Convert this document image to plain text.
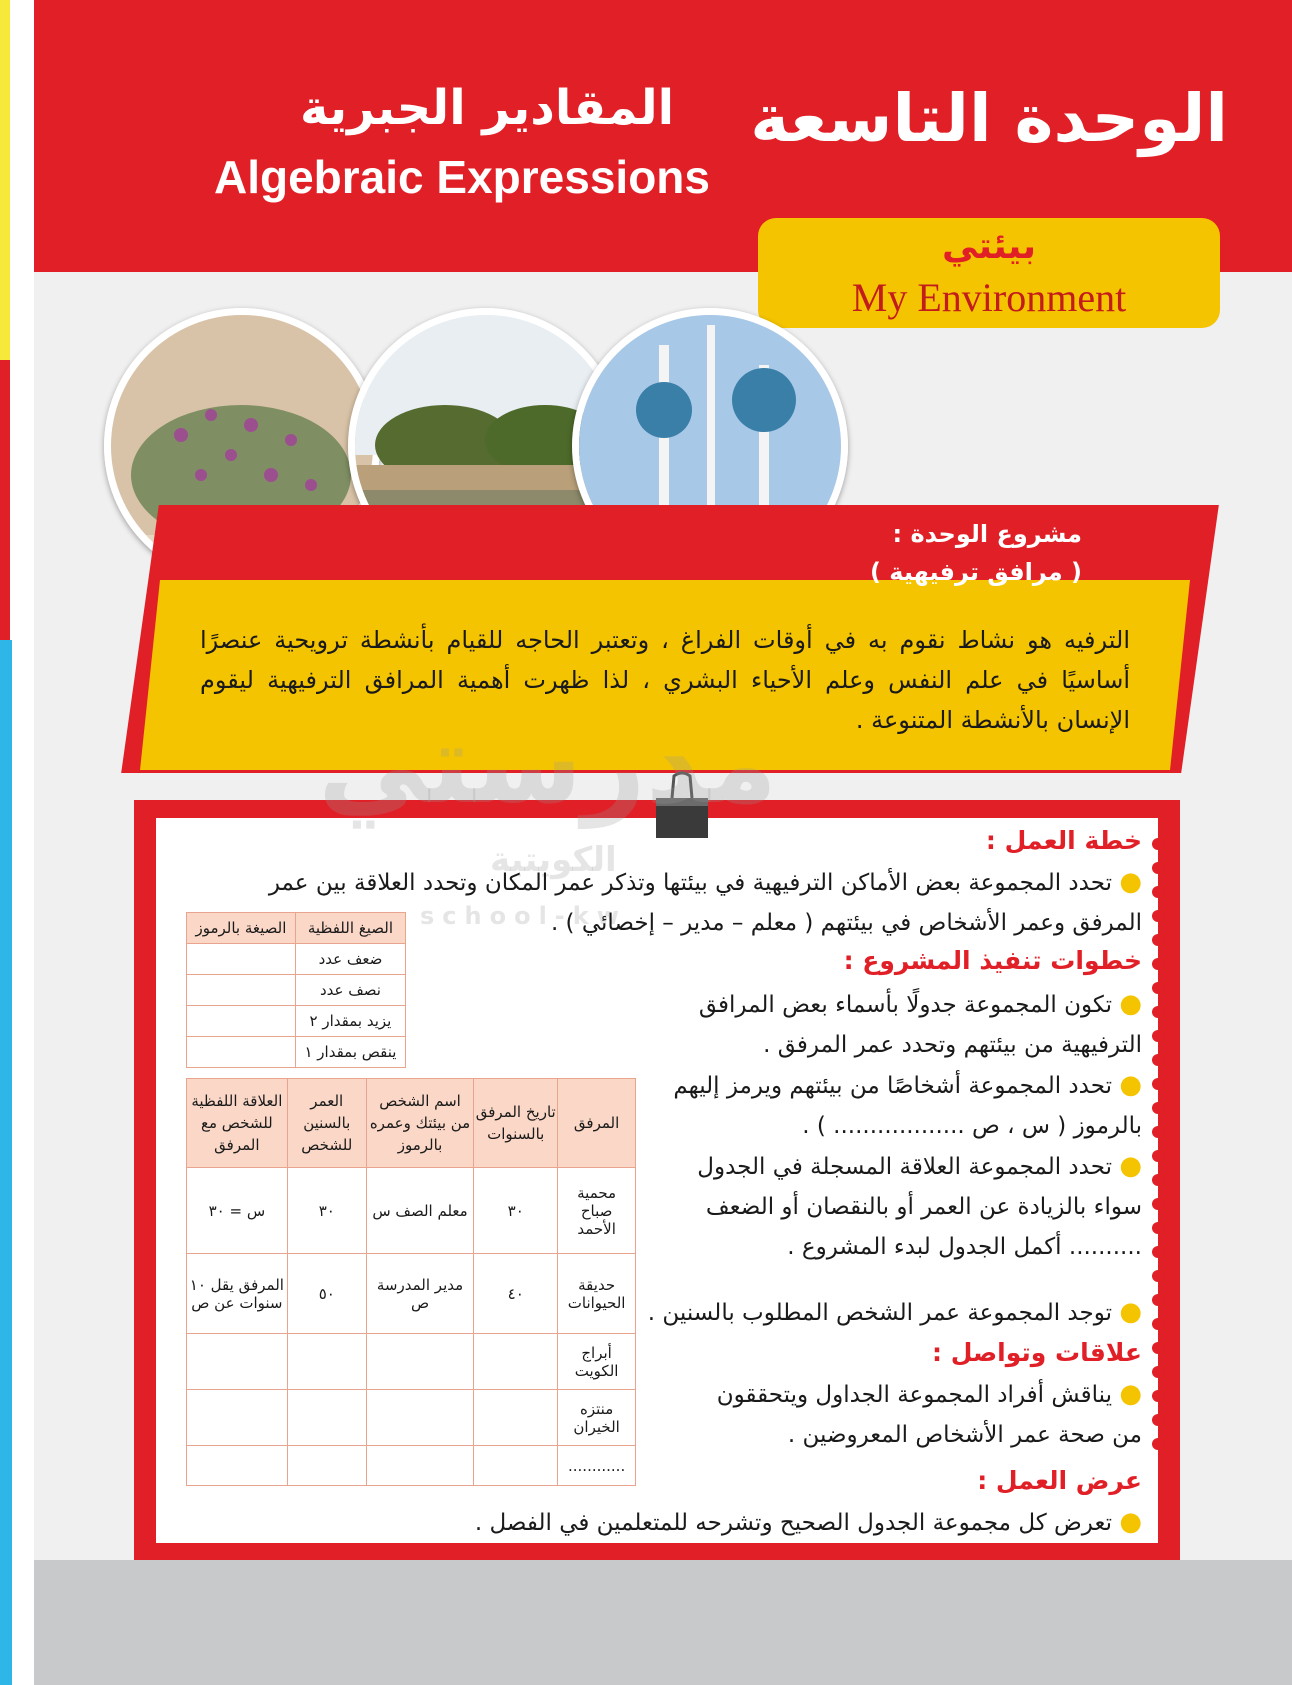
الوحدة التاسعة
المقادير الجبرية
Algebraic Expressions
بيئتي
My Environment
مشروع الوحدة :
( مرافق ترفيهية )
الترفيه هو نشاط نقوم به في أوقات الفراغ ، وتعتبر الحاجه للقيام بأنشطة ترويحية عنصرًا أساسيًا في علم النفس وعلم الأحياء البشري ، لذا ظهرت أهمية المرافق الترفيهية ليقوم الإنسان بالأنشطة المتنوعة .
مدرستي
الكويتية
school-kw
خطة العمل :
● تحدد المجموعة بعض الأماكن الترفيهية في بيئتها وتذكر عمر المكان وتحدد العلاقة بين عمر المرفق وعمر الأشخاص في بيئتهم ( معلم – مدير – إخصائي ) .
خطوات تنفيذ المشروع :
● تكون المجموعة جدولًا بأسماء بعض المرافق الترفيهية من بيئتهم وتحدد عمر المرفق .
● تحدد المجموعة أشخاصًا من بيئتهم ويرمز إليهم بالرموز ( س ، ص .................. ) .
● تحدد المجموعة العلاقة المسجلة في الجدول سواء بالزيادة عن العمر أو بالنقصان أو الضعف .......... أكمل الجدول لبدء المشروع .
● توجد المجموعة عمر الشخص المطلوب بالسنين .
علاقات وتواصل :
● يناقش أفراد المجموعة الجداول ويتحققون من صحة عمر الأشخاص المعروضين .
عرض العمل :
● تعرض كل مجموعة الجدول الصحيح وتشرحه للمتعلمين في الفصل .
الصيغ اللفظية	الصيغة بالرموز
ضعف عدد	
نصف عدد	
يزيد بمقدار ٢	
ينقص بمقدار ١	
المرفق	تاريخ المرفق بالسنوات	اسم الشخص من بيئتك وعمره بالرموز	العمر بالسنين للشخص	العلاقة اللفظية للشخص مع المرفق
محمية صباح الأحمد	٣٠	معلم الصف س	٣٠	س = ٣٠
حديقة الحيوانات	٤٠	مدير المدرسة ص	٥٠	المرفق يقل ١٠ سنوات عن ص
أبراج الكويت				
منتزه الخيران				
............				
